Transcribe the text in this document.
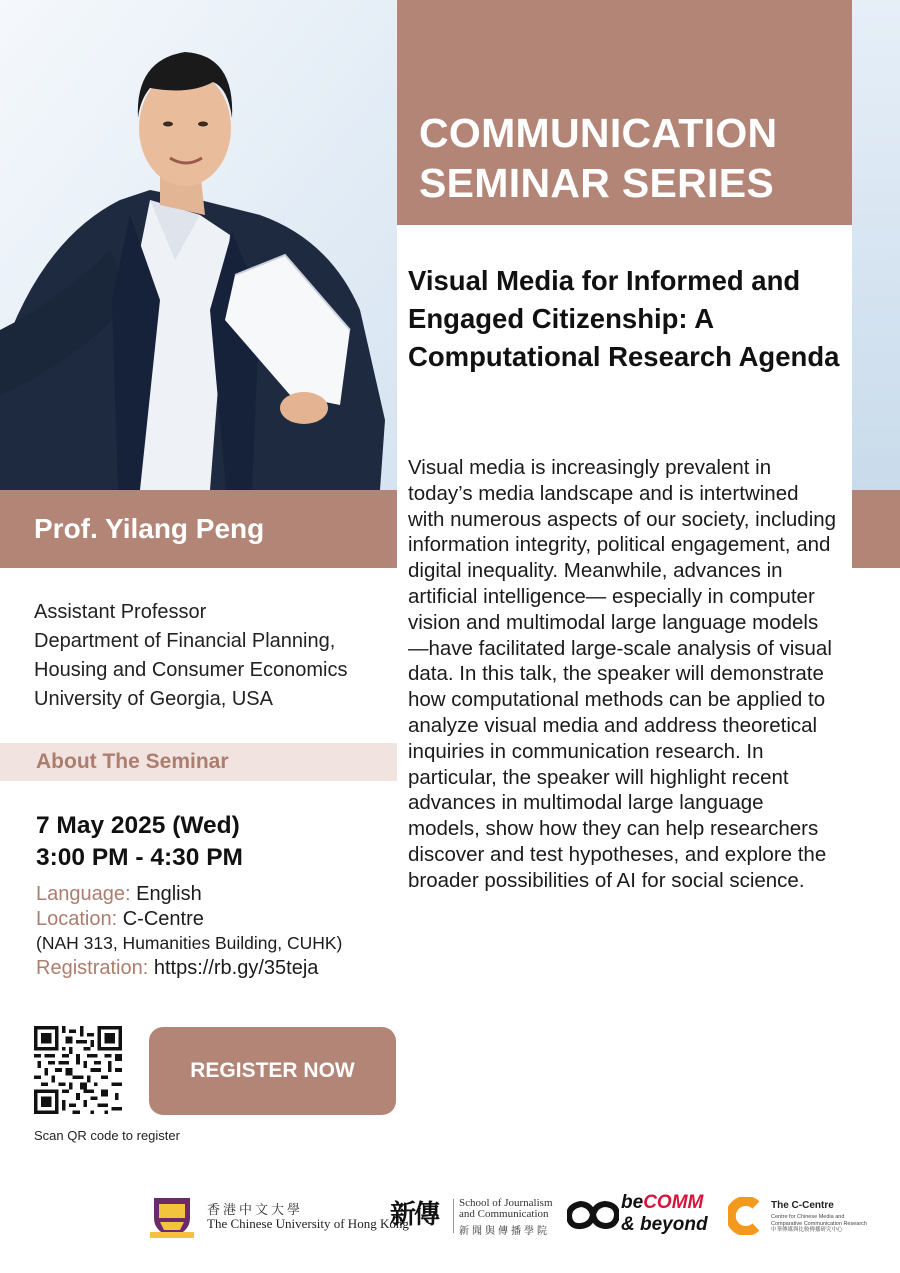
COMMUNICATION
SEMINAR SERIES
Visual Media for Informed and Engaged Citizenship: A Computational Research Agenda
Visual media is increasingly prevalent in today’s media landscape and is intertwined with numerous aspects of our society, including information integrity, political engagement, and digital inequality. Meanwhile, advances in artificial intelligence— especially in computer vision and multimodal large language models—have facilitated large-scale analysis of visual data. In this talk, the speaker will demonstrate how computational methods can be applied to analyze visual media and address theoretical inquiries in communication research. In particular, the speaker will highlight recent advances in multimodal large language models, show how they can help researchers discover and test hypotheses, and explore the broader possibilities of AI for social science.
Prof. Yilang Peng
Assistant Professor
Department of Financial Planning,
Housing and Consumer Economics
University of Georgia, USA
About The Seminar
7 May 2025 (Wed)
3:00 PM - 4:30 PM
Language: English
Location: C-Centre
(NAH 313, Humanities Building, CUHK)
Registration: https://rb.gy/35teja
Scan QR code to register
REGISTER NOW
香港中文大學
The Chinese University of Hong Kong
新傳	School of Journalism
and Communication
新聞與傳播學院
beCOMM
& beyond
The C-Centre
Centre for Chinese Media and
Comparative Communication Research
中華傳媒與比較傳播研究中心
